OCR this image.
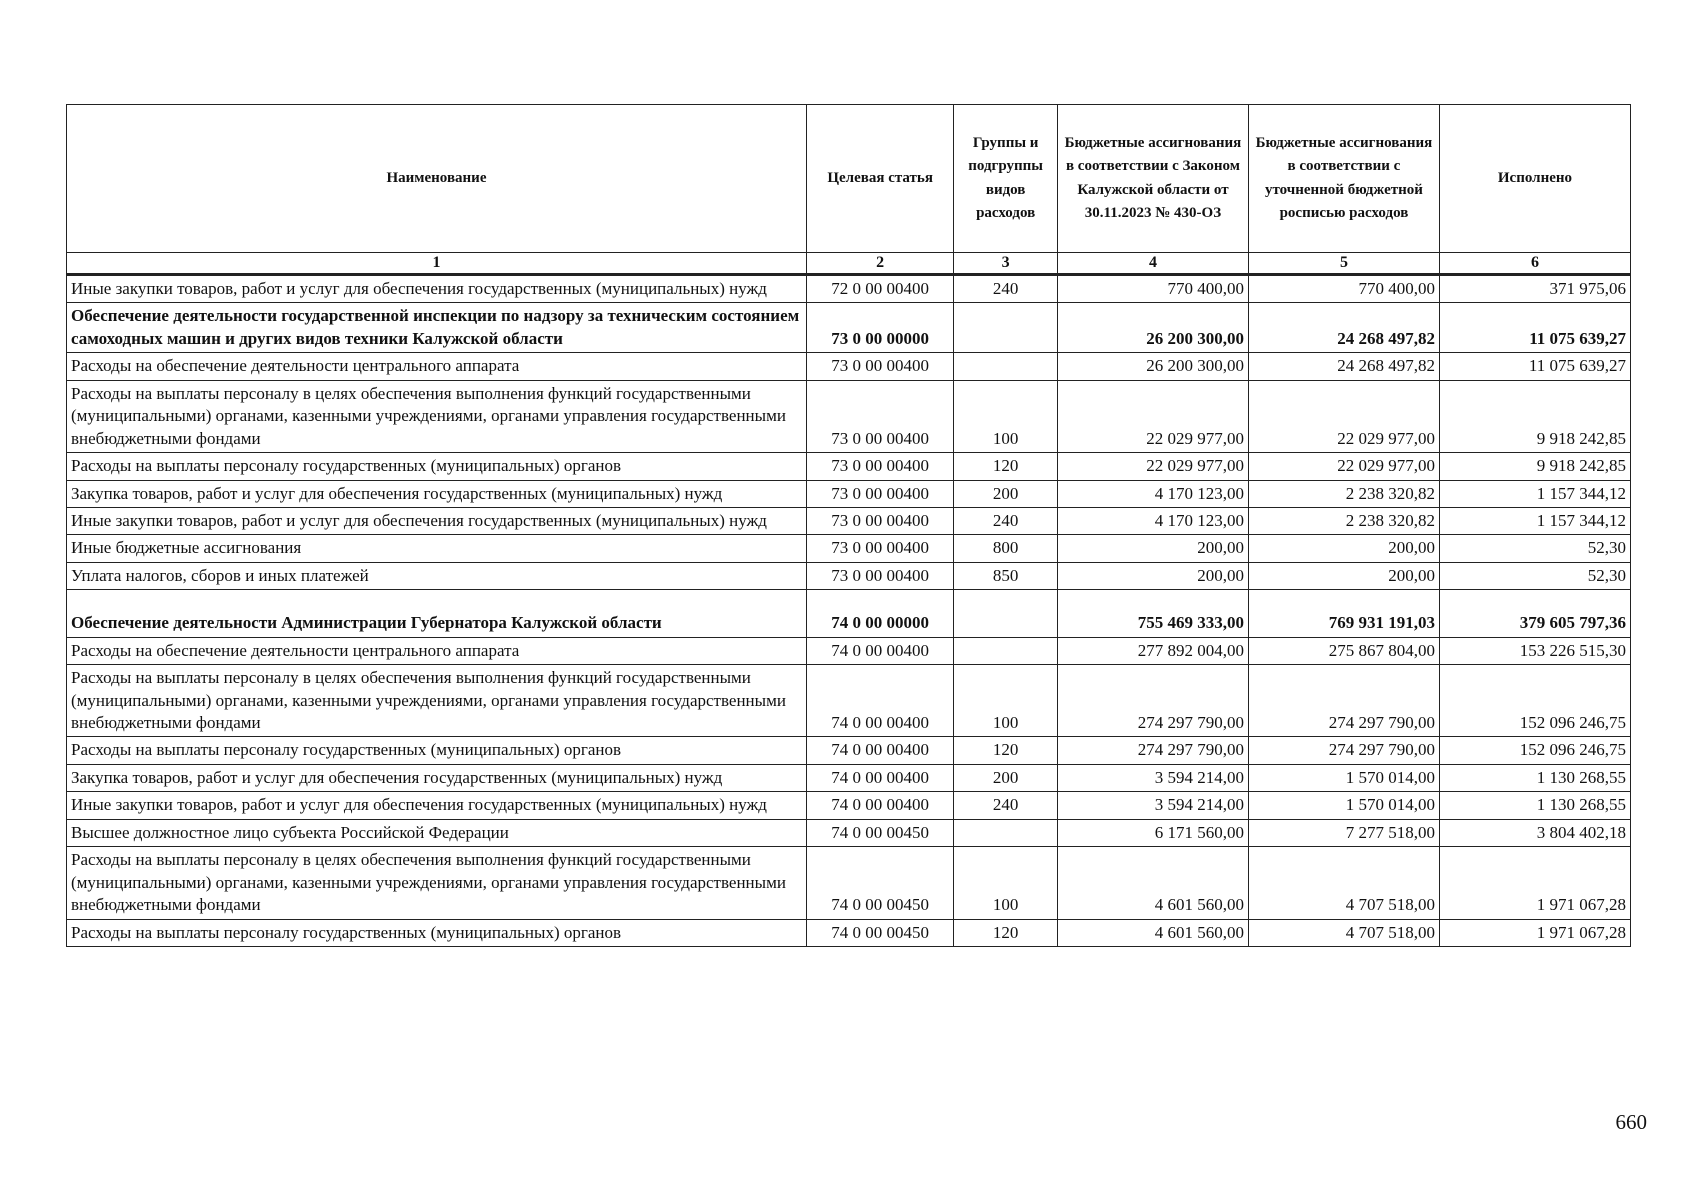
Наименование	Целевая статья	Группы и подгруппы видов расходов	Бюджетные ассигнования в соответствии с Законом Калужской области от 30.11.2023 № 430-ОЗ	Бюджетные ассигнования в соответствии с уточненной бюджетной росписью расходов	Исполнено
1	2	3	4	5	6
Иные закупки товаров, работ и услуг для обеспечения государственных (муниципальных) нужд	72 0 00 00400	240	770 400,00	770 400,00	371 975,06
Обеспечение деятельности государственной инспекции по надзору за техническим состоянием самоходных машин и других видов техники Калужской области	73 0 00 00000		26 200 300,00	24 268 497,82	11 075 639,27
Расходы на обеспечение деятельности центрального аппарата	73 0 00 00400		26 200 300,00	24 268 497,82	11 075 639,27
Расходы на выплаты персоналу в целях обеспечения выполнения функций государственными (муниципальными) органами, казенными учреждениями, органами управления государственными внебюджетными фондами	73 0 00 00400	100	22 029 977,00	22 029 977,00	9 918 242,85
Расходы на выплаты персоналу государственных (муниципальных) органов	73 0 00 00400	120	22 029 977,00	22 029 977,00	9 918 242,85
Закупка товаров, работ и услуг для обеспечения государственных (муниципальных) нужд	73 0 00 00400	200	4 170 123,00	2 238 320,82	1 157 344,12
Иные закупки товаров, работ и услуг для обеспечения государственных (муниципальных) нужд	73 0 00 00400	240	4 170 123,00	2 238 320,82	1 157 344,12
Иные бюджетные ассигнования	73 0 00 00400	800	200,00	200,00	52,30
Уплата налогов, сборов и иных платежей	73 0 00 00400	850	200,00	200,00	52,30
Обеспечение деятельности Администрации Губернатора Калужской области	74 0 00 00000		755 469 333,00	769 931 191,03	379 605 797,36
Расходы на обеспечение деятельности центрального аппарата	74 0 00 00400		277 892 004,00	275 867 804,00	153 226 515,30
Расходы на выплаты персоналу в целях обеспечения выполнения функций государственными (муниципальными) органами, казенными учреждениями, органами управления государственными внебюджетными фондами	74 0 00 00400	100	274 297 790,00	274 297 790,00	152 096 246,75
Расходы на выплаты персоналу государственных (муниципальных) органов	74 0 00 00400	120	274 297 790,00	274 297 790,00	152 096 246,75
Закупка товаров, работ и услуг для обеспечения государственных (муниципальных) нужд	74 0 00 00400	200	3 594 214,00	1 570 014,00	1 130 268,55
Иные закупки товаров, работ и услуг для обеспечения государственных (муниципальных) нужд	74 0 00 00400	240	3 594 214,00	1 570 014,00	1 130 268,55
Высшее должностное лицо субъекта Российской Федерации	74 0 00 00450		6 171 560,00	7 277 518,00	3 804 402,18
Расходы на выплаты персоналу в целях обеспечения выполнения функций государственными (муниципальными) органами, казенными учреждениями, органами управления государственными внебюджетными фондами	74 0 00 00450	100	4 601 560,00	4 707 518,00	1 971 067,28
Расходы на выплаты персоналу государственных (муниципальных) органов	74 0 00 00450	120	4 601 560,00	4 707 518,00	1 971 067,28
660
